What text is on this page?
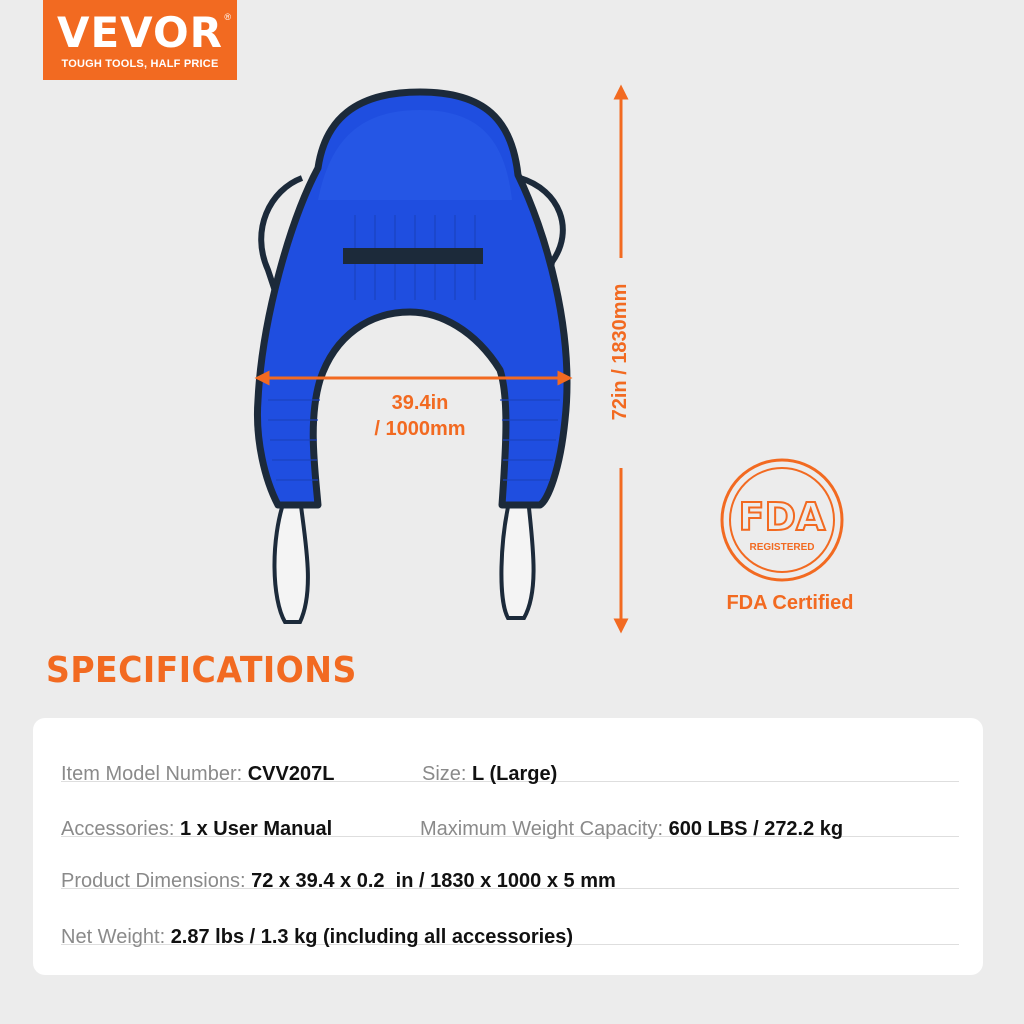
VEVOR ®
TOUGH TOOLS, HALF PRICE
FDA
REGISTERED
39.4in
/ 1000mm
72in / 1830mm
FDA Certified
SPECIFICATIONS
Item Model Number: CVV207L	Size: L (Large)
Accessories: 1 x User Manual	Maximum Weight Capacity: 600 LBS / 272.2 kg
Product Dimensions: 72 x 39.4 x 0.2  in / 1830 x 1000 x 5 mm
Net Weight: 2.87 lbs / 1.3 kg (including all accessories)
